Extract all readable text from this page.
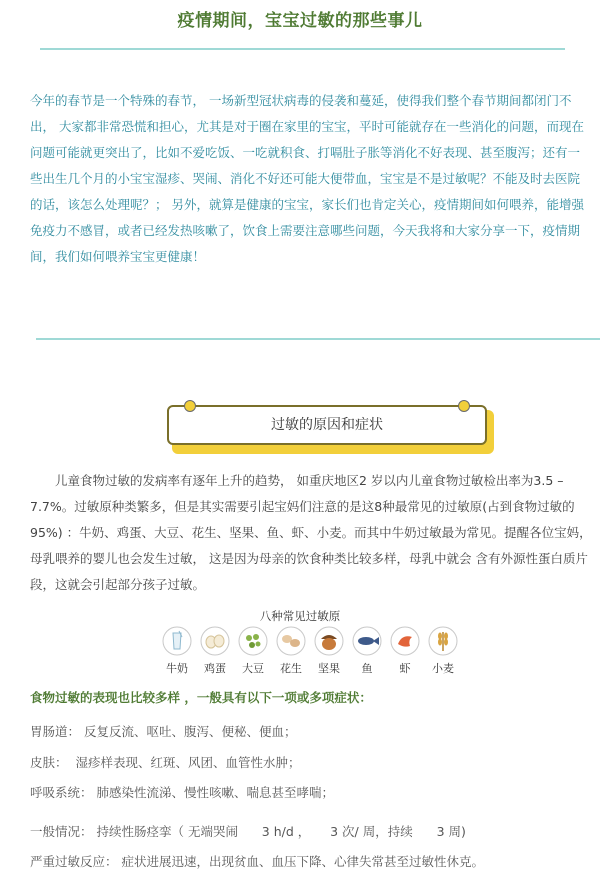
疫情期间，宝宝过敏的那些事儿

今年的春节是一个特殊的春节， 一场新型冠状病毒的侵袭和蔓延，使得我们整个春节期间都闭门不出， 大家都非常恐慌和担心，尤其是对于圈在家里的宝宝，平时可能就存在一些消化的问题，而现在问题可能就更突出了，比如不爱吃饭、一吃就积食、打嗝肚子胀等消化不好表现、甚至腹泻；还有一些出生几个月的小宝宝湿疹、哭闹、消化不好还可能大便带血，宝宝是不是过敏呢？不能及时去医院的话，该怎么处理呢？； 另外，就算是健康的宝宝，家长们也肯定关心，疫情期间如何喂养，能增强免疫力不感冒，或者已经发热咳嗽了，饮食上需要注意哪些问题，今天我将和大家分享一下，疫情期间，我们如何喂养宝宝更健康！

过敏的原因和症状

儿童食物过敏的发病率有逐年上升的趋势， 如重庆地区2 岁以内儿童食物过敏检出率为3.5 – 7.7%。过敏原种类繁多，但是其实需要引起宝妈们注意的是这8种最常见的过敏原(占到食物过敏的95%) ：牛奶、鸡蛋、大豆、花生、坚果、鱼、虾、小麦。而其中牛奶过敏最为常见。提醒各位宝妈， 母乳喂养的婴儿也会发生过敏， 这是因为母亲的饮食种类比较多样，母乳中就会 含有外源性蛋白质片段，这就会引起部分孩子过敏。

八种常见过敏原
牛奶	鸡蛋	大豆	花生	坚果	鱼	虾	小麦
食物过敏的表现也比较多样 ，一般具有以下一项或多项症状：
胃肠道： 反复反流、呕吐、腹泻、便秘、便血；
皮肤：  湿疹样表现、红斑、风团、血管性水肿；
呼吸系统： 肺感染性流涕、慢性咳嗽、喘息甚至哮喘；
一般情况： 持续性肠痉挛（ 无端哭闹      3 h/d ，     3 次/ 周，持续      3 周)
严重过敏反应： 症状进展迅速，出现贫血、血压下降、心律失常甚至过敏性休克。
